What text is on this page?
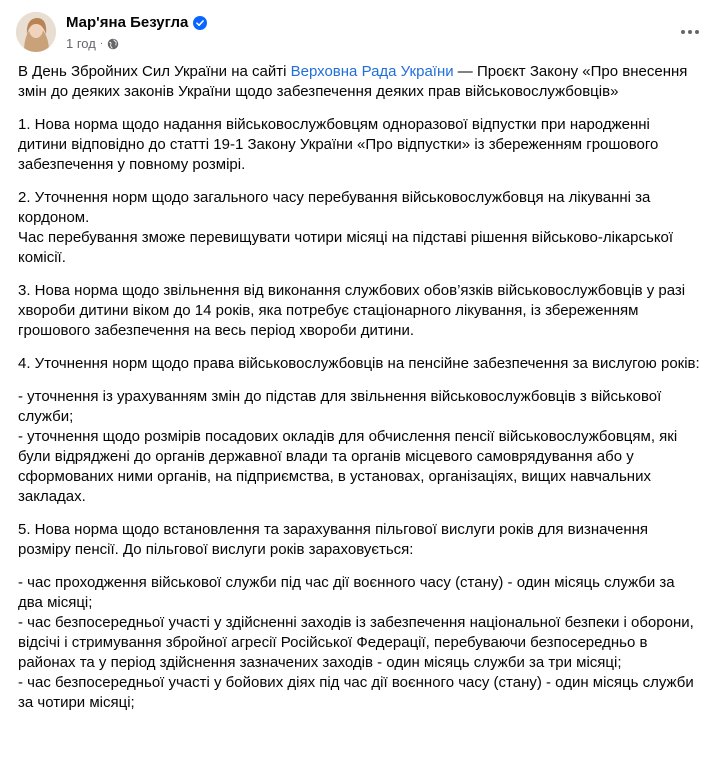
Мар'яна Безугла
1 год ·

В День Збройних Сил України на сайті Верховна Рада України — Проєкт Закону «Про внесення змін до деяких законів України щодо забезпечення деяких прав військовослужбовців»

1. Нова норма щодо надання військовослужбовцям одноразової відпустки при народженні дитини відповідно до статті 19-1 Закону України «Про відпустки» із збереженням грошового забезпечення у повному розмірі.

2. Уточнення норм щодо загального часу перебування військовослужбовця на лікуванні за кордоном.
Час перебування зможе перевищувати чотири місяці на підставі рішення військово-лікарської комісії.

3. Нова норма щодо звільнення від виконання службових обов’язків військовослужбовців у разі хвороби дитини віком до 14 років, яка потребує стаціонарного лікування, із збереженням грошового забезпечення на весь період хвороби дитини.

4. Уточнення норм щодо права військовослужбовців на пенсійне забезпечення за вислугою років:

- уточнення із урахуванням змін до підстав для звільнення військовослужбовців з військової служби;
- уточнення щодо розмірів посадових окладів для обчислення пенсії військовослужбовцям, які були відряджені до органів державної влади та органів місцевого самоврядування або у сформованих ними органів, на підприємства, в установах, організаціях, вищих навчальних закладах.

5. Нова норма щодо встановлення та зарахування пільгової вислуги років для визначення розміру пенсії. До пільгової вислуги років зараховується:

- час проходження військової служби під час дії воєнного часу (стану) - один місяць служби за два місяці;
- час безпосередньої участі у здійсненні заходів із забезпечення національної безпеки і оборони, відсічі і стримування збройної агресії Російської Федерації, перебуваючи безпосередньо в районах та у період здійснення зазначених заходів - один місяць служби за три місяці;
- час безпосередньої участі у бойових діях під час дії воєнного часу (стану) - один місяць служби за чотири місяці;
